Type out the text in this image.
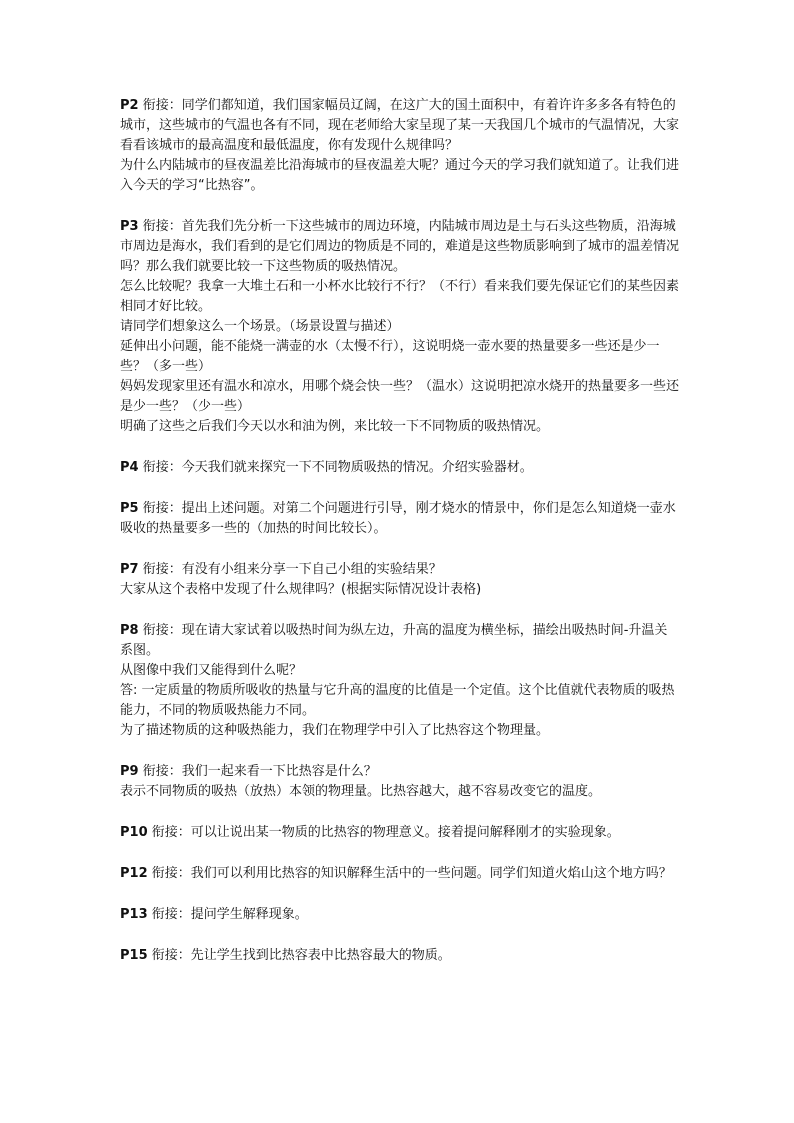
P2 衔接：同学们都知道，我们国家幅员辽阔，在这广大的国土面积中，有着许许多多各有特色的城市，这些城市的气温也各有不同，现在老师给大家呈现了某一天我国几个城市的气温情况，大家看看该城市的最高温度和最低温度，你有发现什么规律吗？

为什么内陆城市的昼夜温差比沿海城市的昼夜温差大呢？通过今天的学习我们就知道了。让我们进入今天的学习“比热容”。

P3 衔接：首先我们先分析一下这些城市的周边环境，内陆城市周边是土与石头这些物质，沿海城市周边是海水，我们看到的是它们周边的物质是不同的，难道是这些物质影响到了城市的温差情况吗？那么我们就要比较一下这些物质的吸热情况。

怎么比较呢？我拿一大堆土石和一小杯水比较行不行？（不行）看来我们要先保证它们的某些因素相同才好比较。

请同学们想象这么一个场景。（场景设置与描述）

延伸出小问题，能不能烧一满壶的水（太慢不行），这说明烧一壶水要的热量要多一些还是少一些？（多一些）

妈妈发现家里还有温水和凉水，用哪个烧会快一些？（温水）这说明把凉水烧开的热量要多一些还是少一些？（少一些）

明确了这些之后我们今天以水和油为例，来比较一下不同物质的吸热情况。

P4 衔接：今天我们就来探究一下不同物质吸热的情况。介绍实验器材。

P5 衔接：提出上述问题。对第二个问题进行引导，刚才烧水的情景中，你们是怎么知道烧一壶水吸收的热量要多一些的（加热的时间比较长）。

P7 衔接：有没有小组来分享一下自己小组的实验结果？

大家从这个表格中发现了什么规律吗？(根据实际情况设计表格)

P8 衔接：现在请大家试着以吸热时间为纵左边，升高的温度为横坐标，描绘出吸热时间-升温关系图。

从图像中我们又能得到什么呢？

答: 一定质量的物质所吸收的热量与它升高的温度的比值是一个定值。这个比值就代表物质的吸热能力，不同的物质吸热能力不同。

为了描述物质的这种吸热能力，我们在物理学中引入了比热容这个物理量。

P9 衔接：我们一起来看一下比热容是什么？

表示不同物质的吸热（放热）本领的物理量。比热容越大，越不容易改变它的温度。

P10 衔接：可以让说出某一物质的比热容的物理意义。接着提问解释刚才的实验现象。

P12 衔接：我们可以利用比热容的知识解释生活中的一些问题。同学们知道火焰山这个地方吗？

P13 衔接：提问学生解释现象。

P15 衔接：先让学生找到比热容表中比热容最大的物质。
